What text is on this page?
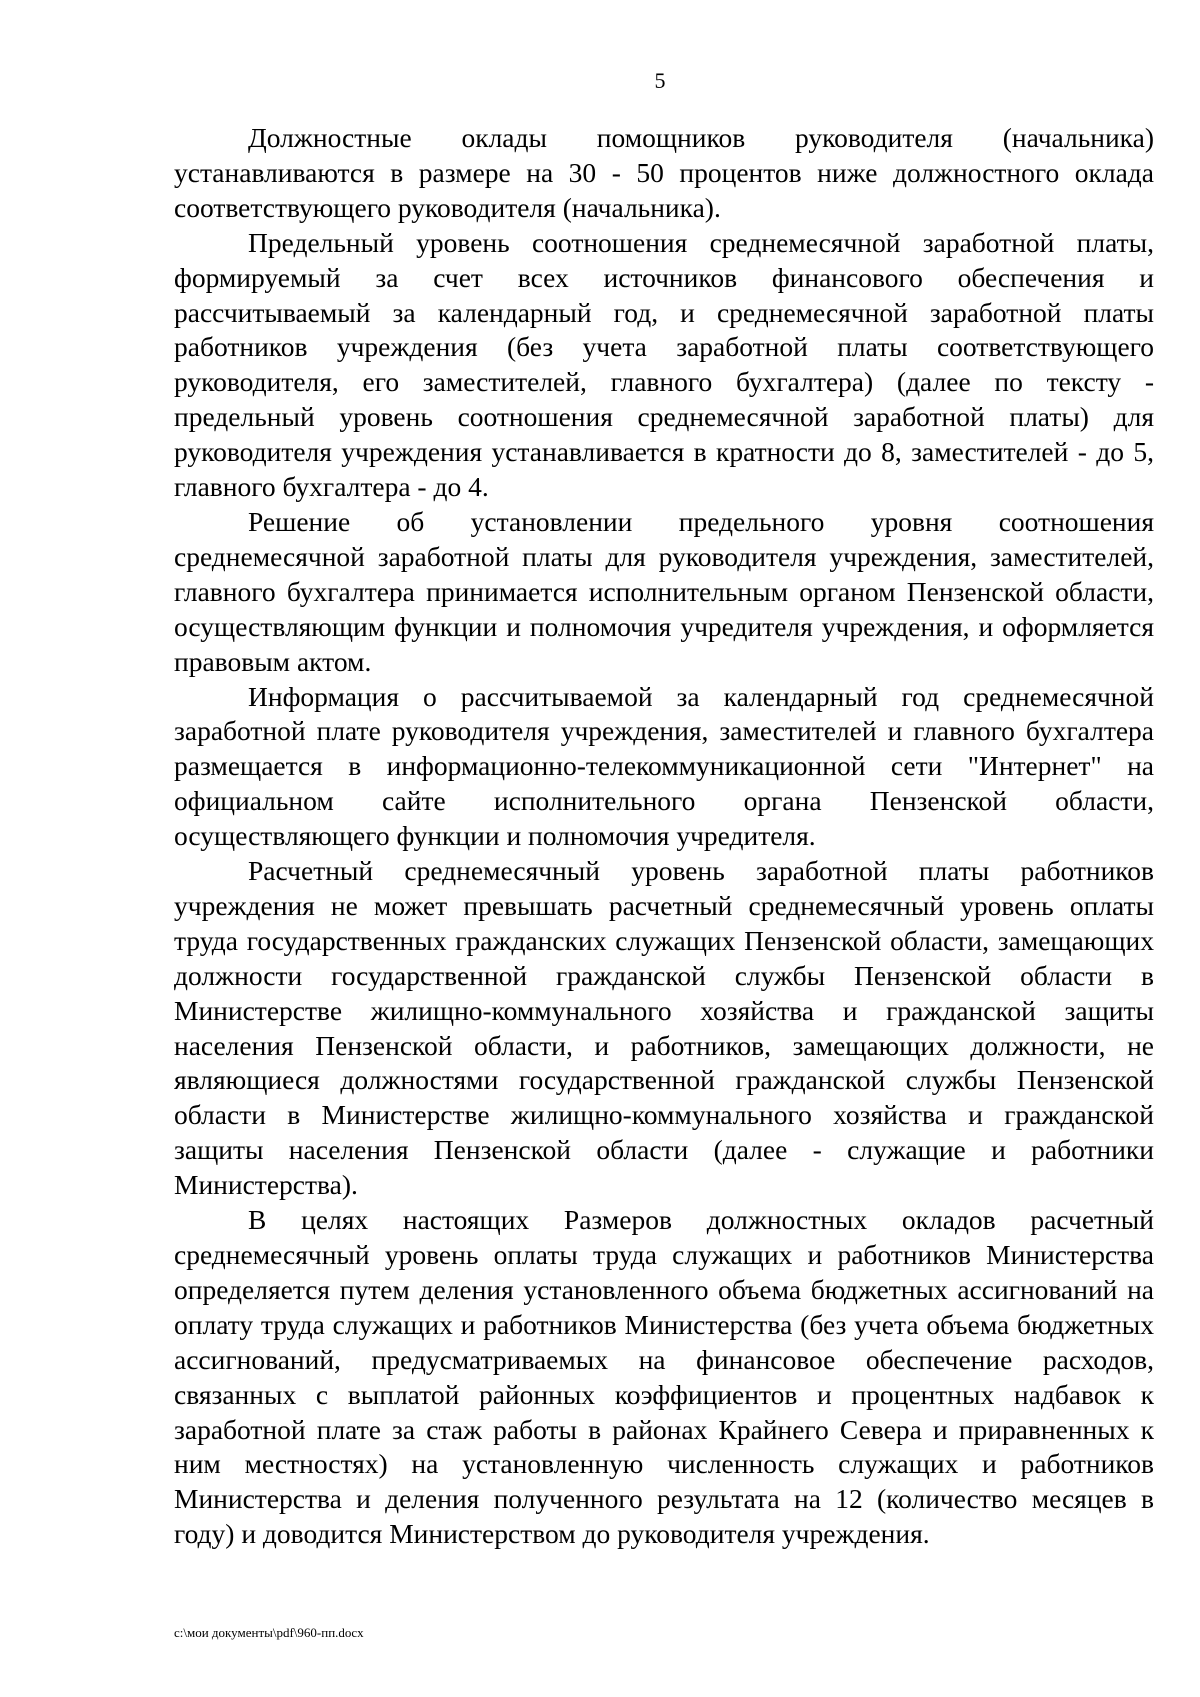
5

Должностные оклады помощников руководителя (начальника) устанавливаются в размере на 30 - 50 процентов ниже должностного оклада соответствующего руководителя (начальника).

Предельный уровень соотношения среднемесячной заработной платы, формируемый за счет всех источников финансового обеспечения и рассчитываемый за календарный год, и среднемесячной заработной платы работников учреждения (без учета заработной платы соответствующего руководителя, его заместителей, главного бухгалтера) (далее по тексту - предельный уровень соотношения среднемесячной заработной платы) для руководителя учреждения устанавливается в кратности до 8, заместителей - до 5, главного бухгалтера - до 4.

Решение об установлении предельного уровня соотношения среднемесячной заработной платы для руководителя учреждения, заместителей, главного бухгалтера принимается исполнительным органом Пензенской области, осуществляющим функции и полномочия учредителя учреждения, и оформляется правовым актом.

Информация о рассчитываемой за календарный год среднемесячной заработной плате руководителя учреждения, заместителей и главного бухгалтера размещается в информационно-телекоммуникационной сети "Интернет" на официальном сайте исполнительного органа Пензенской области, осуществляющего функции и полномочия учредителя.

Расчетный среднемесячный уровень заработной платы работников учреждения не может превышать расчетный среднемесячный уровень оплаты труда государственных гражданских служащих Пензенской области, замещающих должности государственной гражданской службы Пензенской области в Министерстве жилищно-коммунального хозяйства и гражданской защиты населения Пензенской области, и работников, замещающих должности, не являющиеся должностями государственной гражданской службы Пензенской области в Министерстве жилищно-коммунального хозяйства и гражданской защиты населения Пензенской области (далее - служащие и работники Министерства).

В целях настоящих Размеров должностных окладов расчетный среднемесячный уровень оплаты труда служащих и работников Министерства определяется путем деления установленного объема бюджетных ассигнований на оплату труда служащих и работников Министерства (без учета объема бюджетных ассигнований, предусматриваемых на финансовое обеспечение расходов, связанных с выплатой районных коэффициентов и процентных надбавок к заработной плате за стаж работы в районах Крайнего Севера и приравненных к ним местностях) на установленную численность служащих и работников Министерства и деления полученного результата на 12 (количество месяцев в году) и доводится Министерством до руководителя учреждения.

c:\мои документы\pdf\960-пп.docx
